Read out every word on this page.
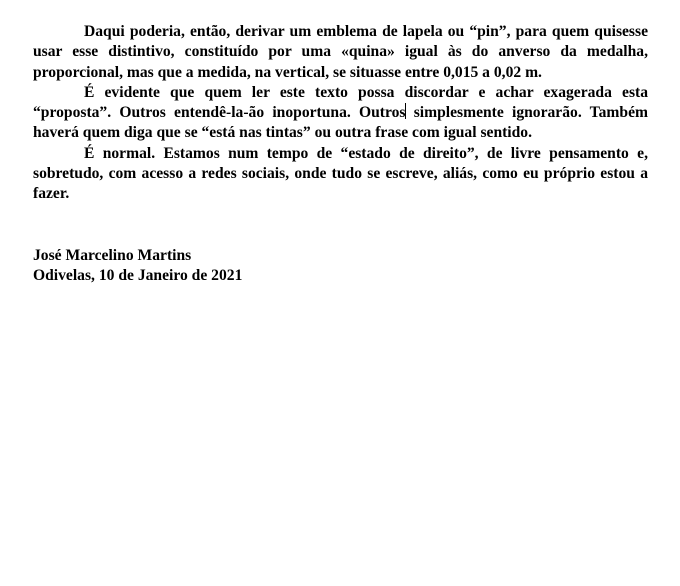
Daqui poderia, então, derivar um emblema de lapela ou “pin”, para quem quisesse usar esse distintivo, constituído por uma «quina» igual às do anverso da medalha, proporcional, mas que a medida, na vertical, se situasse entre 0,015 a 0,02 m.

É evidente que quem ler este texto possa discordar e achar exagerada esta “proposta”. Outros entendê-la-ão inoportuna. Outros simplesmente ignorarão. Também haverá quem diga que se “está nas tintas” ou outra frase com igual sentido.

É normal. Estamos num tempo de “estado de direito”, de livre pensamento e, sobretudo, com acesso a redes sociais, onde tudo se escreve, aliás, como eu próprio estou a fazer.

José Marcelino Martins
Odivelas, 10 de Janeiro de 2021
